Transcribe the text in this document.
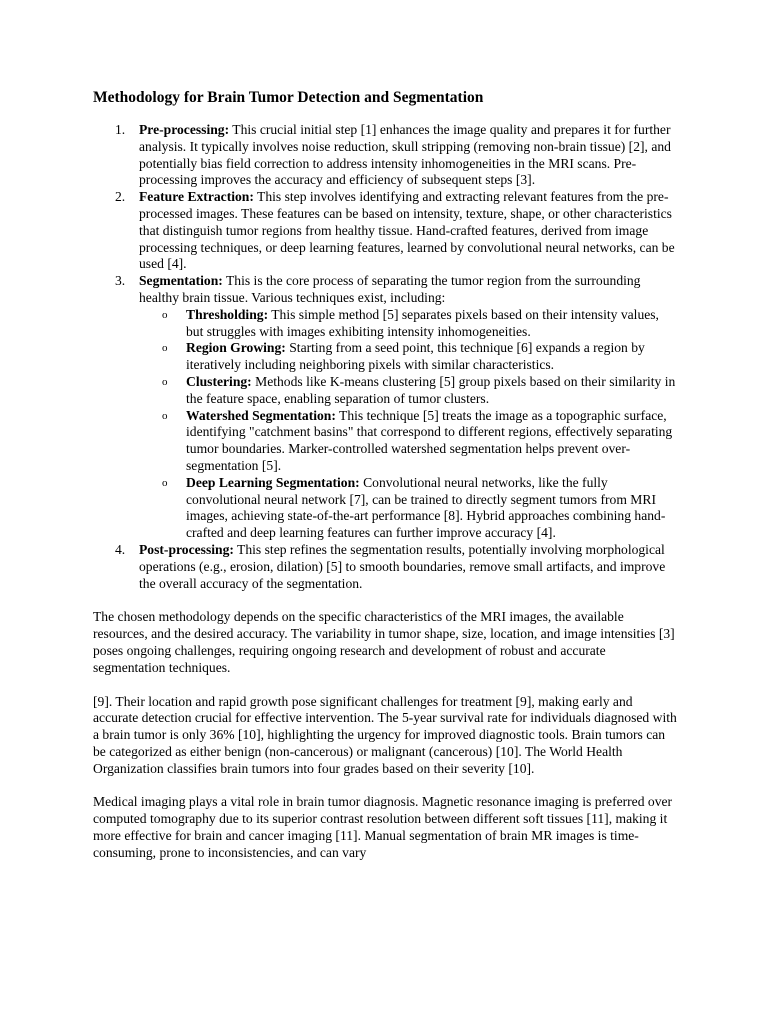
Methodology for Brain Tumor Detection and Segmentation
1. Pre-processing: This crucial initial step [1] enhances the image quality and prepares it for further analysis. It typically involves noise reduction, skull stripping (removing non-brain tissue) [2], and potentially bias field correction to address intensity inhomogeneities in the MRI scans. Pre-processing improves the accuracy and efficiency of subsequent steps [3].
2. Feature Extraction: This step involves identifying and extracting relevant features from the pre-processed images. These features can be based on intensity, texture, shape, or other characteristics that distinguish tumor regions from healthy tissue. Hand-crafted features, derived from image processing techniques, or deep learning features, learned by convolutional neural networks, can be used [4].
3. Segmentation: This is the core process of separating the tumor region from the surrounding healthy brain tissue. Various techniques exist, including:
o Thresholding: This simple method [5] separates pixels based on their intensity values, but struggles with images exhibiting intensity inhomogeneities.
o Region Growing: Starting from a seed point, this technique [6] expands a region by iteratively including neighboring pixels with similar characteristics.
o Clustering: Methods like K-means clustering [5] group pixels based on their similarity in the feature space, enabling separation of tumor clusters.
o Watershed Segmentation: This technique [5] treats the image as a topographic surface, identifying "catchment basins" that correspond to different regions, effectively separating tumor boundaries. Marker-controlled watershed segmentation helps prevent over-segmentation [5].
o Deep Learning Segmentation: Convolutional neural networks, like the fully convolutional neural network [7], can be trained to directly segment tumors from MRI images, achieving state-of-the-art performance [8]. Hybrid approaches combining hand-crafted and deep learning features can further improve accuracy [4].
4. Post-processing: This step refines the segmentation results, potentially involving morphological operations (e.g., erosion, dilation) [5] to smooth boundaries, remove small artifacts, and improve the overall accuracy of the segmentation.

The chosen methodology depends on the specific characteristics of the MRI images, the available resources, and the desired accuracy. The variability in tumor shape, size, location, and image intensities [3] poses ongoing challenges, requiring ongoing research and development of robust and accurate segmentation techniques.

[9]. Their location and rapid growth pose significant challenges for treatment [9], making early and accurate detection crucial for effective intervention. The 5-year survival rate for individuals diagnosed with a brain tumor is only 36% [10], highlighting the urgency for improved diagnostic tools. Brain tumors can be categorized as either benign (non-cancerous) or malignant (cancerous) [10]. The World Health Organization classifies brain tumors into four grades based on their severity [10].

Medical imaging plays a vital role in brain tumor diagnosis. Magnetic resonance imaging is preferred over computed tomography due to its superior contrast resolution between different soft tissues [11], making it more effective for brain and cancer imaging [11]. Manual segmentation of brain MR images is time-consuming, prone to inconsistencies, and can vary
